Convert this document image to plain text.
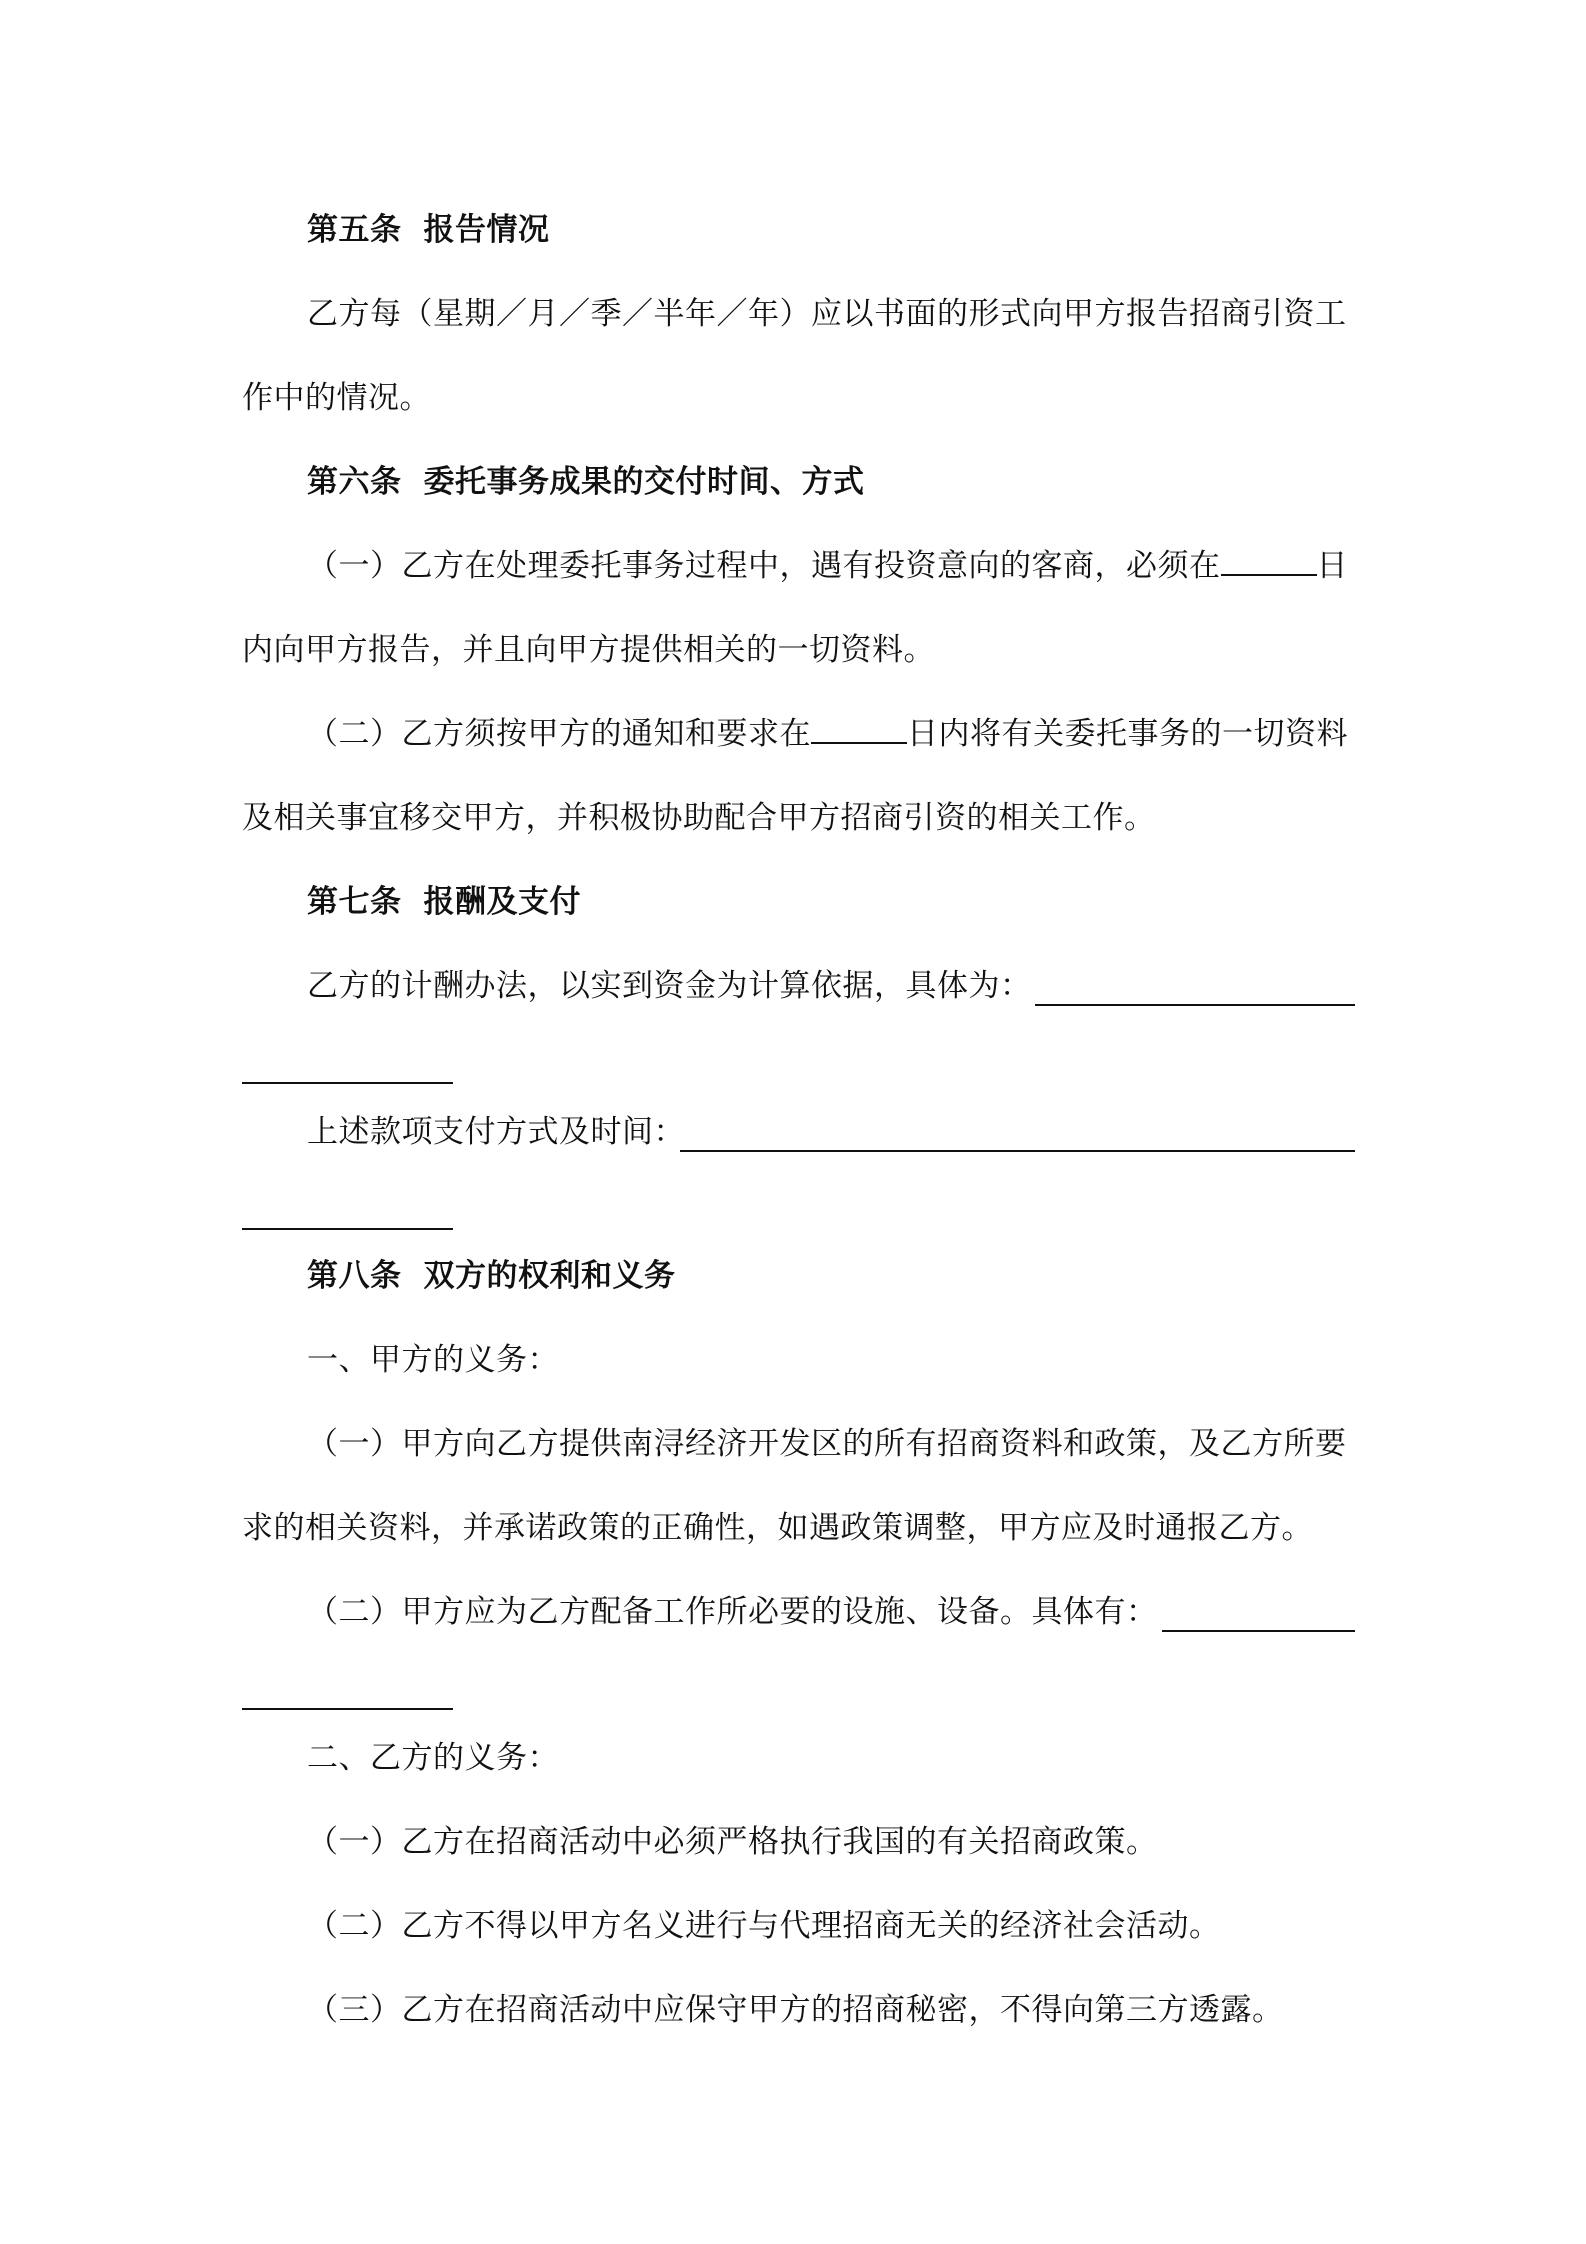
第五条 报告情况
乙方每（星期／月／季／半年／年）应以书面的形式向甲方报告招商引资工
作中的情况。
第六条 委托事务成果的交付时间、方式
（一）乙方在处理委托事务过程中，遇有投资意向的客商，必须在	日
内向甲方报告，并且向甲方提供相关的一切资料。
（二）乙方须按甲方的通知和要求在	日内将有关委托事务的一切资料
及相关事宜移交甲方，并积极协助配合甲方招商引资的相关工作。
第七条 报酬及支付
乙方的计酬办法，以实到资金为计算依据，具体为：
上述款项支付方式及时间：
第八条 双方的权利和义务
一、甲方的义务：
（一）甲方向乙方提供南浔经济开发区的所有招商资料和政策，及乙方所要
求的相关资料，并承诺政策的正确性，如遇政策调整，甲方应及时通报乙方。
（二）甲方应为乙方配备工作所必要的设施、设备。具体有：
二、乙方的义务：
（一）乙方在招商活动中必须严格执行我国的有关招商政策。
（二）乙方不得以甲方名义进行与代理招商无关的经济社会活动。
（三）乙方在招商活动中应保守甲方的招商秘密，不得向第三方透露。
